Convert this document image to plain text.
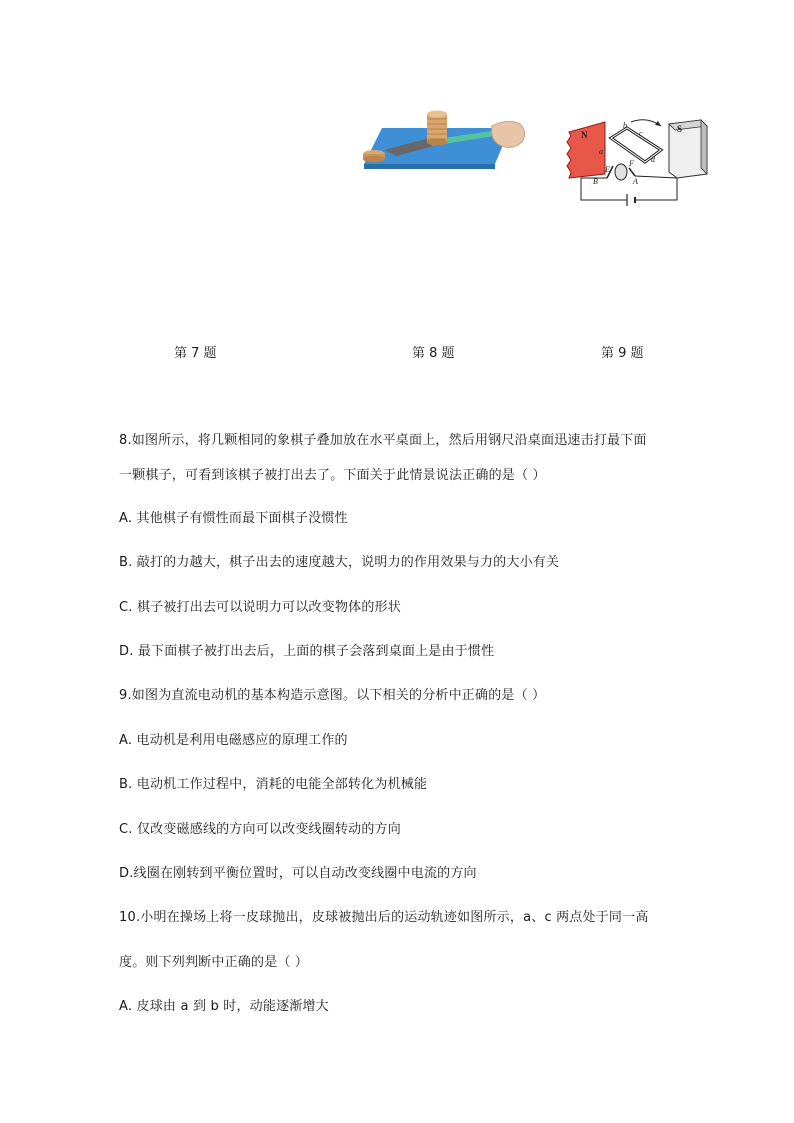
N
S
a
b
c
d
E
F
B	A
第 7 题	第 8 题	第 9 题
8.如图所示，将几颗相同的象棋子叠加放在水平桌面上，然后用钢尺沿桌面迅速击打最下面
一颗棋子，可看到该棋子被打出去了。下面关于此情景说法正确的是（ ）
A. 其他棋子有惯性而最下面棋子没惯性
B. 敲打的力越大，棋子出去的速度越大，说明力的作用效果与力的大小有关
C. 棋子被打出去可以说明力可以改变物体的形状
D. 最下面棋子被打出去后，上面的棋子会落到桌面上是由于惯性
9.如图为直流电动机的基本构造示意图。以下相关的分析中正确的是（ ）
A. 电动机是利用电磁感应的原理工作的
B. 电动机工作过程中，消耗的电能全部转化为机械能
C. 仅改变磁感线的方向可以改变线圈转动的方向
D.线圈在刚转到平衡位置时，可以自动改变线圈中电流的方向
10.小明在操场上将一皮球抛出，皮球被抛出后的运动轨迹如图所示，a、c 两点处于同一高
度。则下列判断中正确的是（ ）
A. 皮球由 a 到 b 时，动能逐渐增大
